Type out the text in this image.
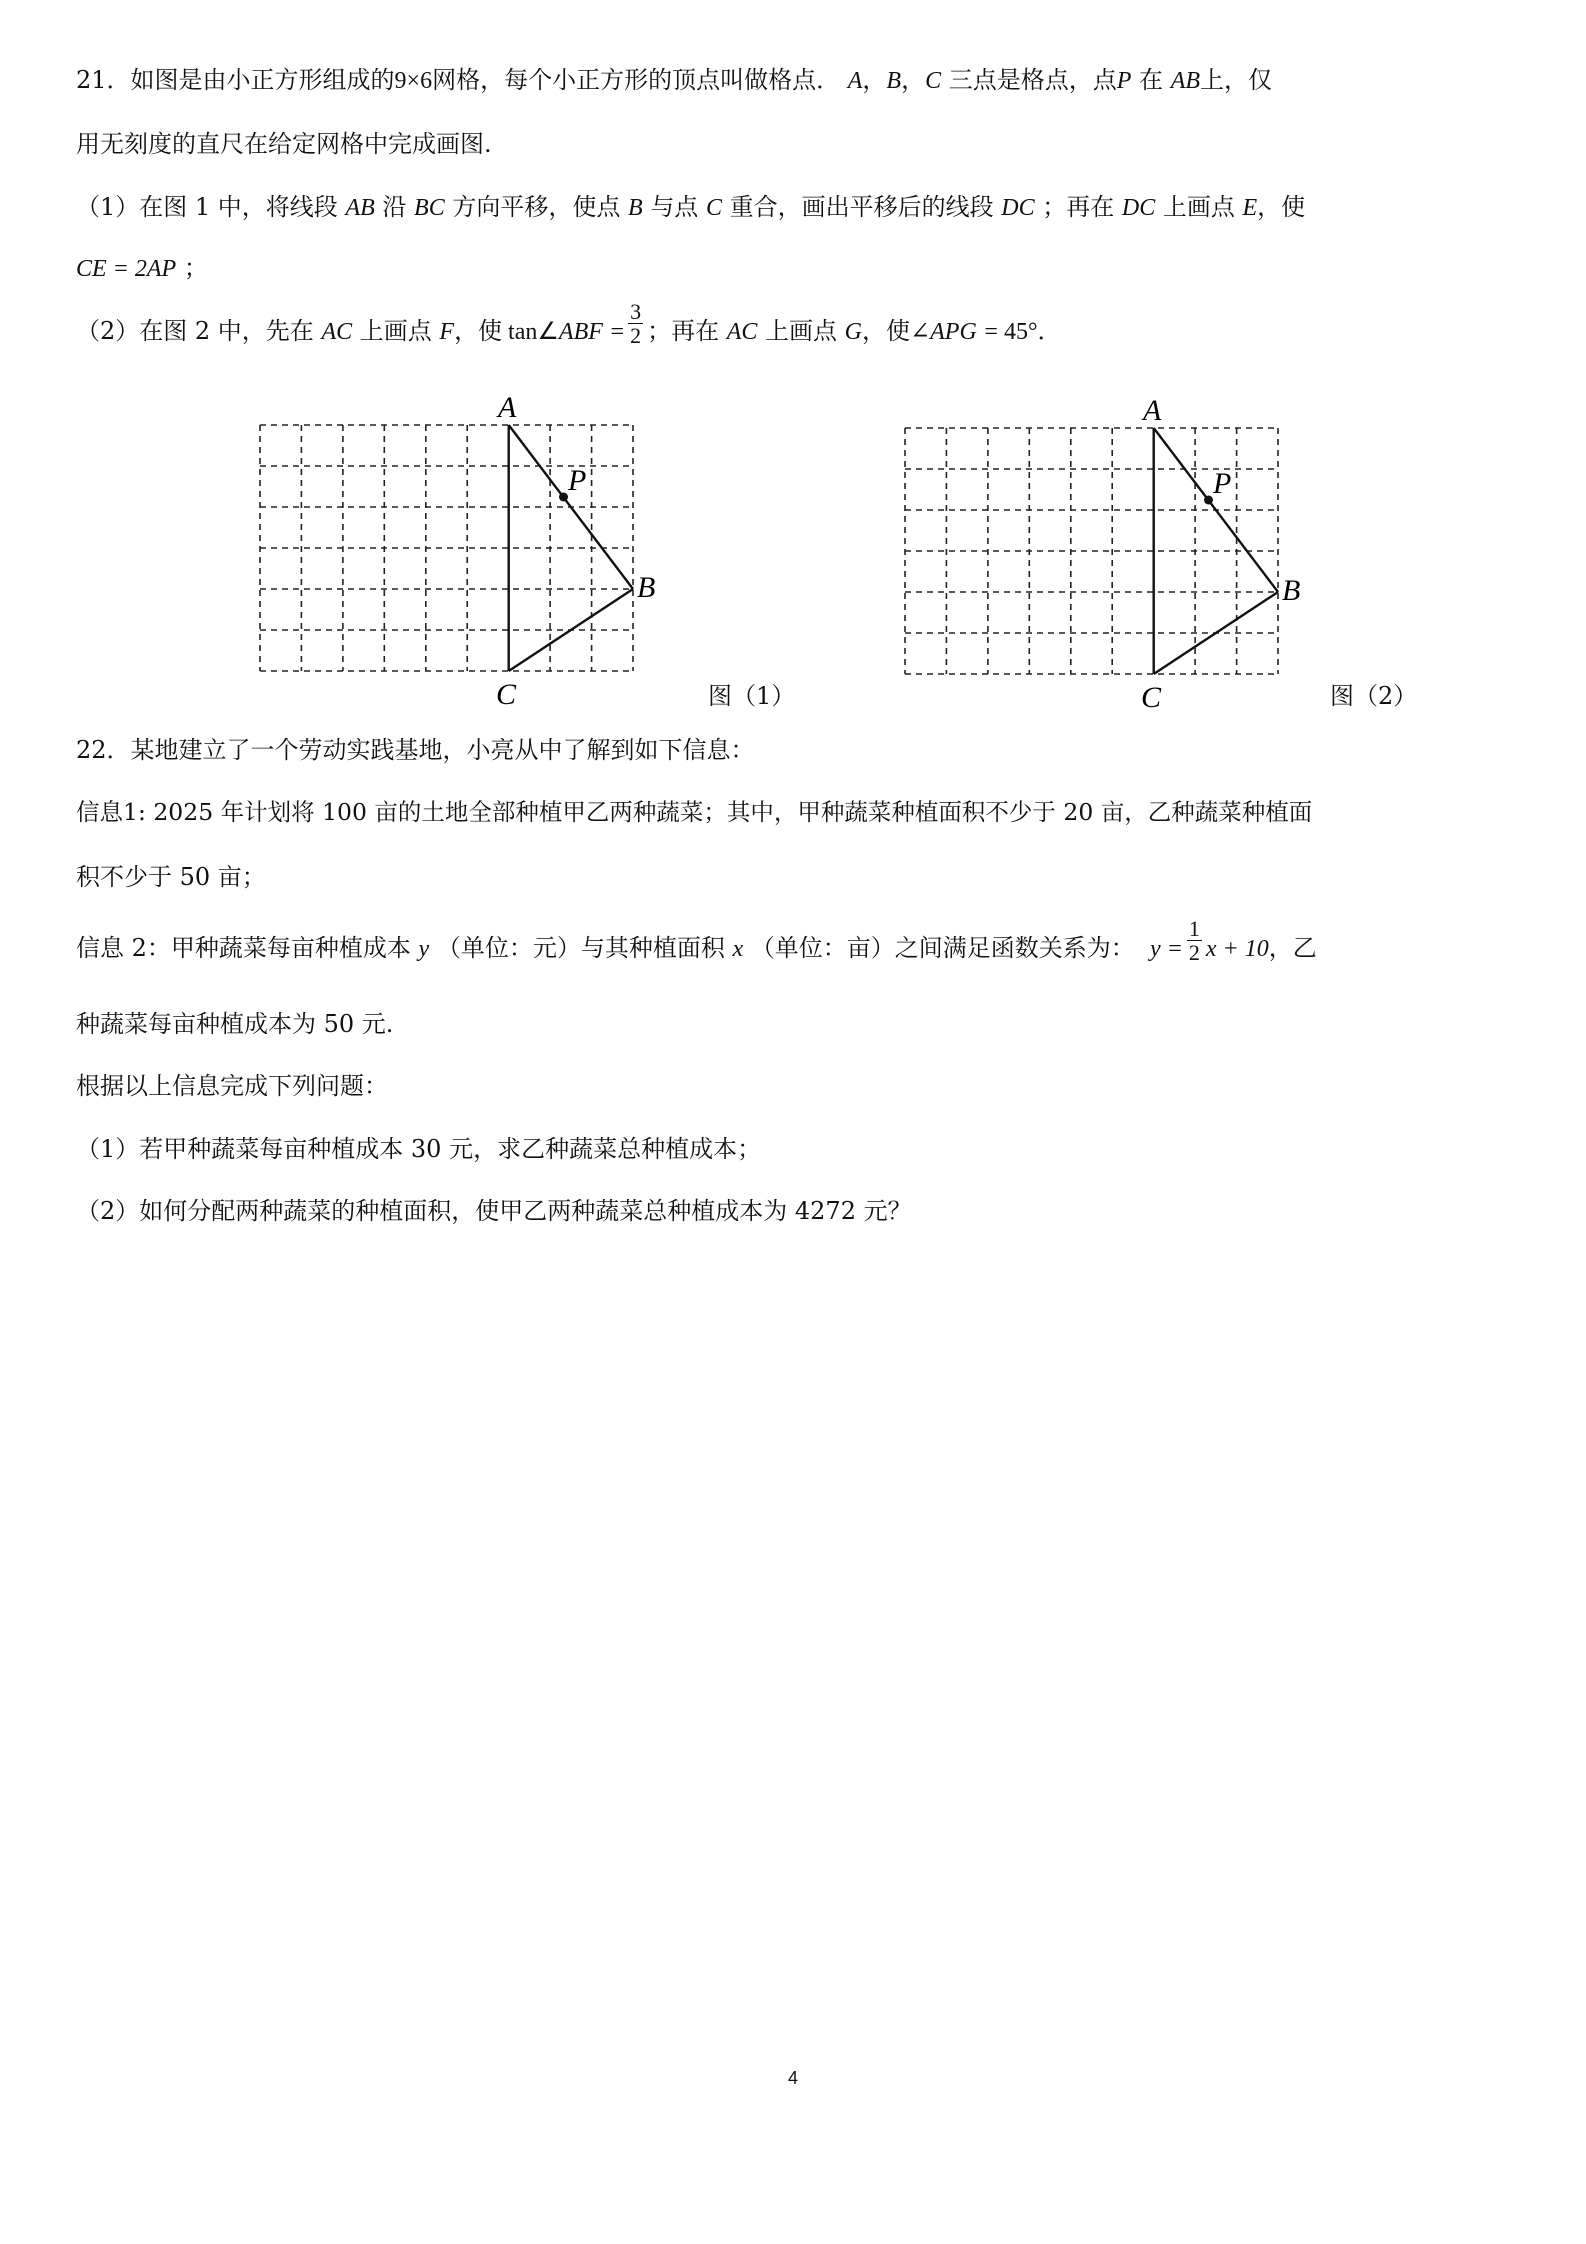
21．如图是由小正方形组成的9×6网格，每个小正方形的顶点叫做格点． A，B，C 三点是格点，点P 在 AB上，仅
用无刻度的直尺在给定网格中完成画图.
（1）在图 1 中，将线段 AB 沿 BC 方向平移，使点 B 与点 C 重合，画出平移后的线段 DC ；再在 DC 上画点 E，使
CE = 2AP ；
（2）在图 2 中，先在 AC 上画点 F，使 tan∠ABF = $\frac{3}{2}$ ；再在 AC 上画点 G，使∠APG = 45°．
A
P
B
C	图（1）
A
P
B
C	图（2）
22．某地建立了一个劳动实践基地，小亮从中了解到如下信息：
信息1: 2025 年计划将 100 亩的土地全部种植甲乙两种蔬菜；其中，甲种蔬菜种植面积不少于 20 亩，乙种蔬菜种植面
积不少于 50 亩；
信息 2：甲种蔬菜每亩种植成本 y （单位：元）与其种植面积 x （单位：亩）之间满足函数关系为： $y = \frac{1}{2}$ x + 10，乙
种蔬菜每亩种植成本为 50 元.
根据以上信息完成下列问题：
（1）若甲种蔬菜每亩种植成本 30 元，求乙种蔬菜总种植成本；
（2）如何分配两种蔬菜的种植面积，使甲乙两种蔬菜总种植成本为 4272 元？
4
